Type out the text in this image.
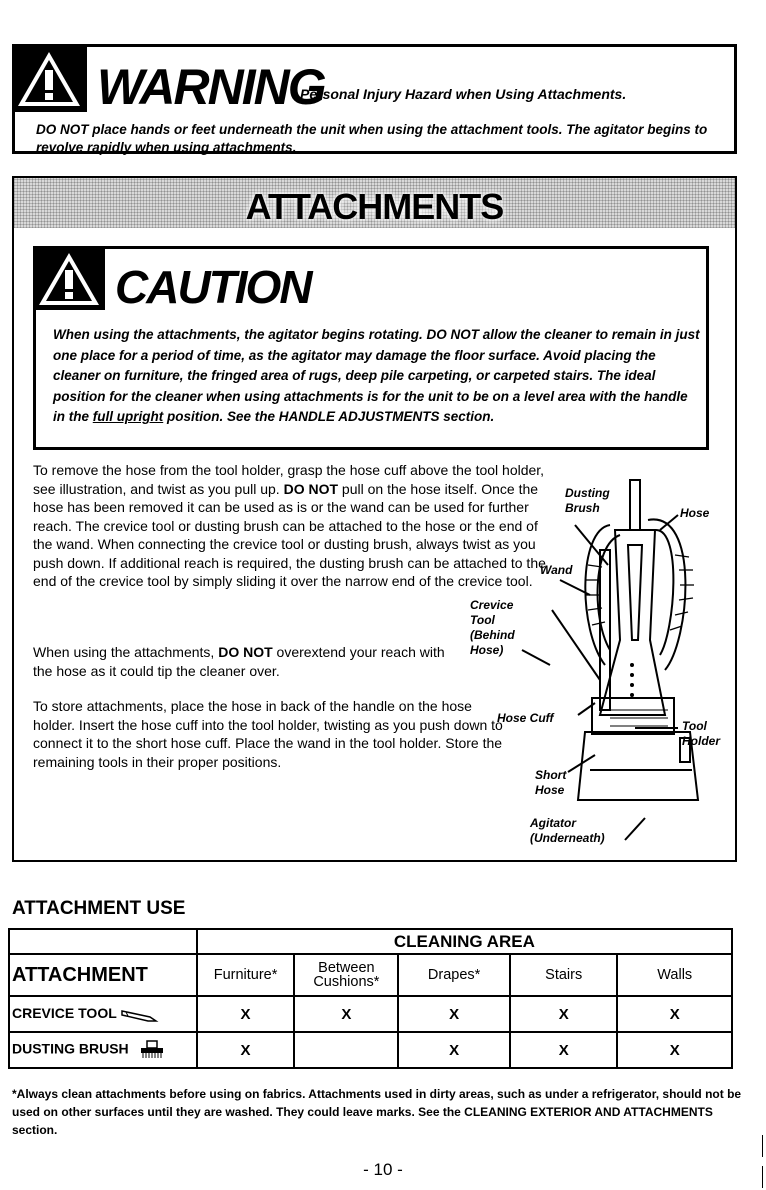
WARNING
Personal Injury Hazard when Using Attachments.
DO NOT place hands or feet underneath the unit when using the attachment tools. The agitator begins to revolve rapidly when using attachments.
ATTACHMENTS
CAUTION
When using the attachments, the agitator begins rotating. DO NOT allow the cleaner to remain in just one place for a period of time, as the agitator may damage the floor surface. Avoid placing the cleaner on furniture, the fringed area of rugs, deep pile carpeting, or carpeted stairs. The ideal position for the cleaner when using attachments is for the unit to be on a level area with the handle in the full upright position. See the HANDLE ADJUSTMENTS section.
To remove the hose from the tool holder, grasp the hose cuff above the tool holder, see illustration, and twist as you pull up. DO NOT pull on the hose itself. Once the hose has been removed it can be used as is or the wand can be used for further reach. The crevice tool or dusting brush can be attached to the hose or the end of the wand. When connecting the crevice tool or dusting brush, always twist as you push down. If additional reach is required, the dusting brush can be attached to the end of the crevice tool by simply sliding it over the narrow end of the crevice tool.
When using the attachments, DO NOT overextend your reach with the hose as it could tip the cleaner over.
To store attachments, place the hose in back of the handle on the hose holder. Insert the hose cuff into the tool holder, twisting as you push down to connect it to the short hose cuff. Place the wand in the tool holder. Store the remaining tools in their proper positions.
Dusting Brush	Hose
Wand
Crevice Tool (Behind Hose)
Hose Cuff
Tool Holder
Short Hose
Agitator (Underneath)
ATTACHMENT USE
	CLEANING AREA				
ATTACHMENT	Furniture*	Between Cushions*	Drapes*	Stairs	Walls
CREVICE TOOL	X	X	X	X	X
DUSTING BRUSH	X		X	X	X
*Always clean attachments before using on fabrics. Attachments used in dirty areas, such as under a refrigerator, should not be used on other surfaces until they are washed. They could leave marks. See the CLEANING EXTERIOR AND ATTACHMENTS section.
- 10 -
